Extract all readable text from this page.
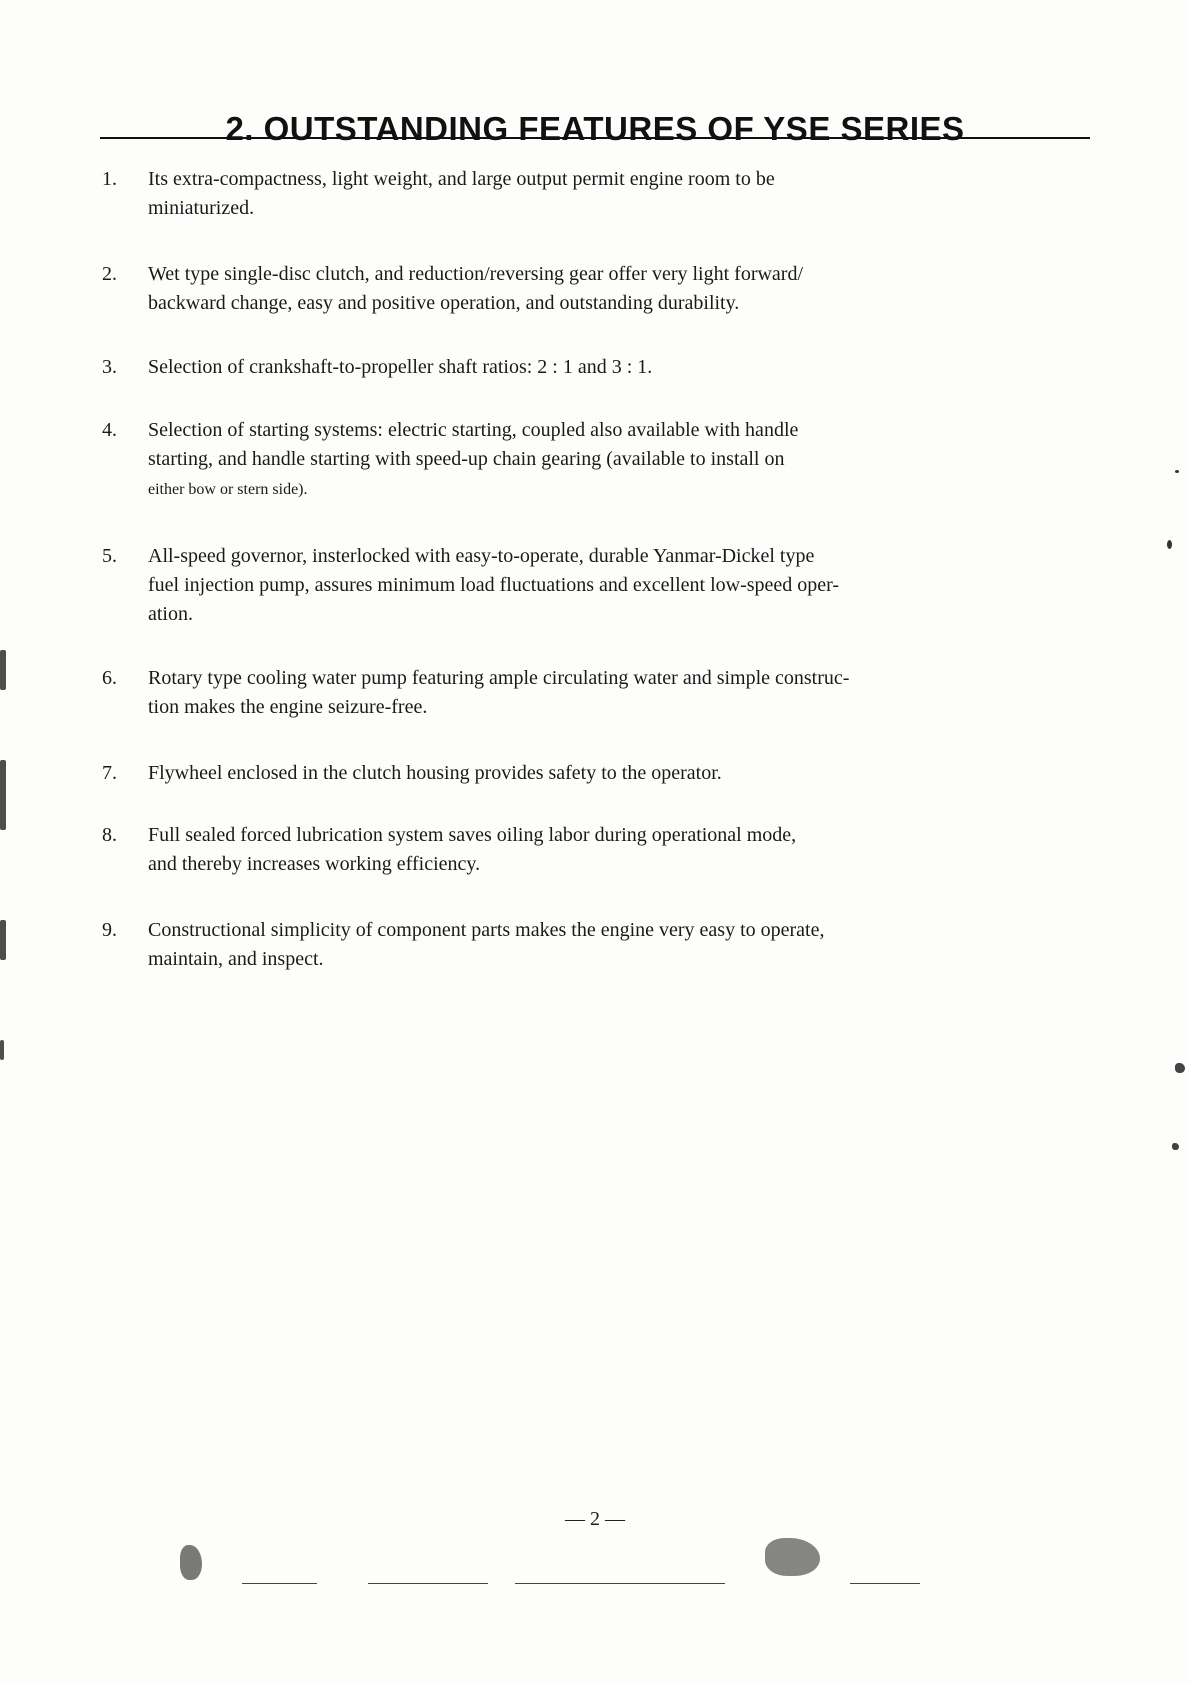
2. OUTSTANDING FEATURES OF YSE SERIES
1.	Its extra-compactness, light weight, and large output permit engine room to be
miniaturized.
2.	Wet type single-disc clutch, and reduction/reversing gear offer very light forward/
backward change, easy and positive operation, and outstanding durability.
3.	Selection of crankshaft-to-propeller shaft ratios: 2 : 1 and 3 : 1.
4.	Selection of starting systems: electric starting, coupled also available with handle
starting, and handle starting with speed-up chain gearing (available to install on
either bow or stern side).
5.	All-speed governor, insterlocked with easy-to-operate, durable Yanmar-Dickel type
fuel injection pump, assures minimum load fluctuations and excellent low-speed oper-
ation.
6.	Rotary type cooling water pump featuring ample circulating water and simple construc-
tion makes the engine seizure-free.
7.	Flywheel enclosed in the clutch housing provides safety to the operator.
8.	Full sealed forced lubrication system saves oiling labor during operational mode,
and thereby increases working efficiency.
9.	Constructional simplicity of component parts makes the engine very easy to operate,
maintain, and inspect.
— 2 —
